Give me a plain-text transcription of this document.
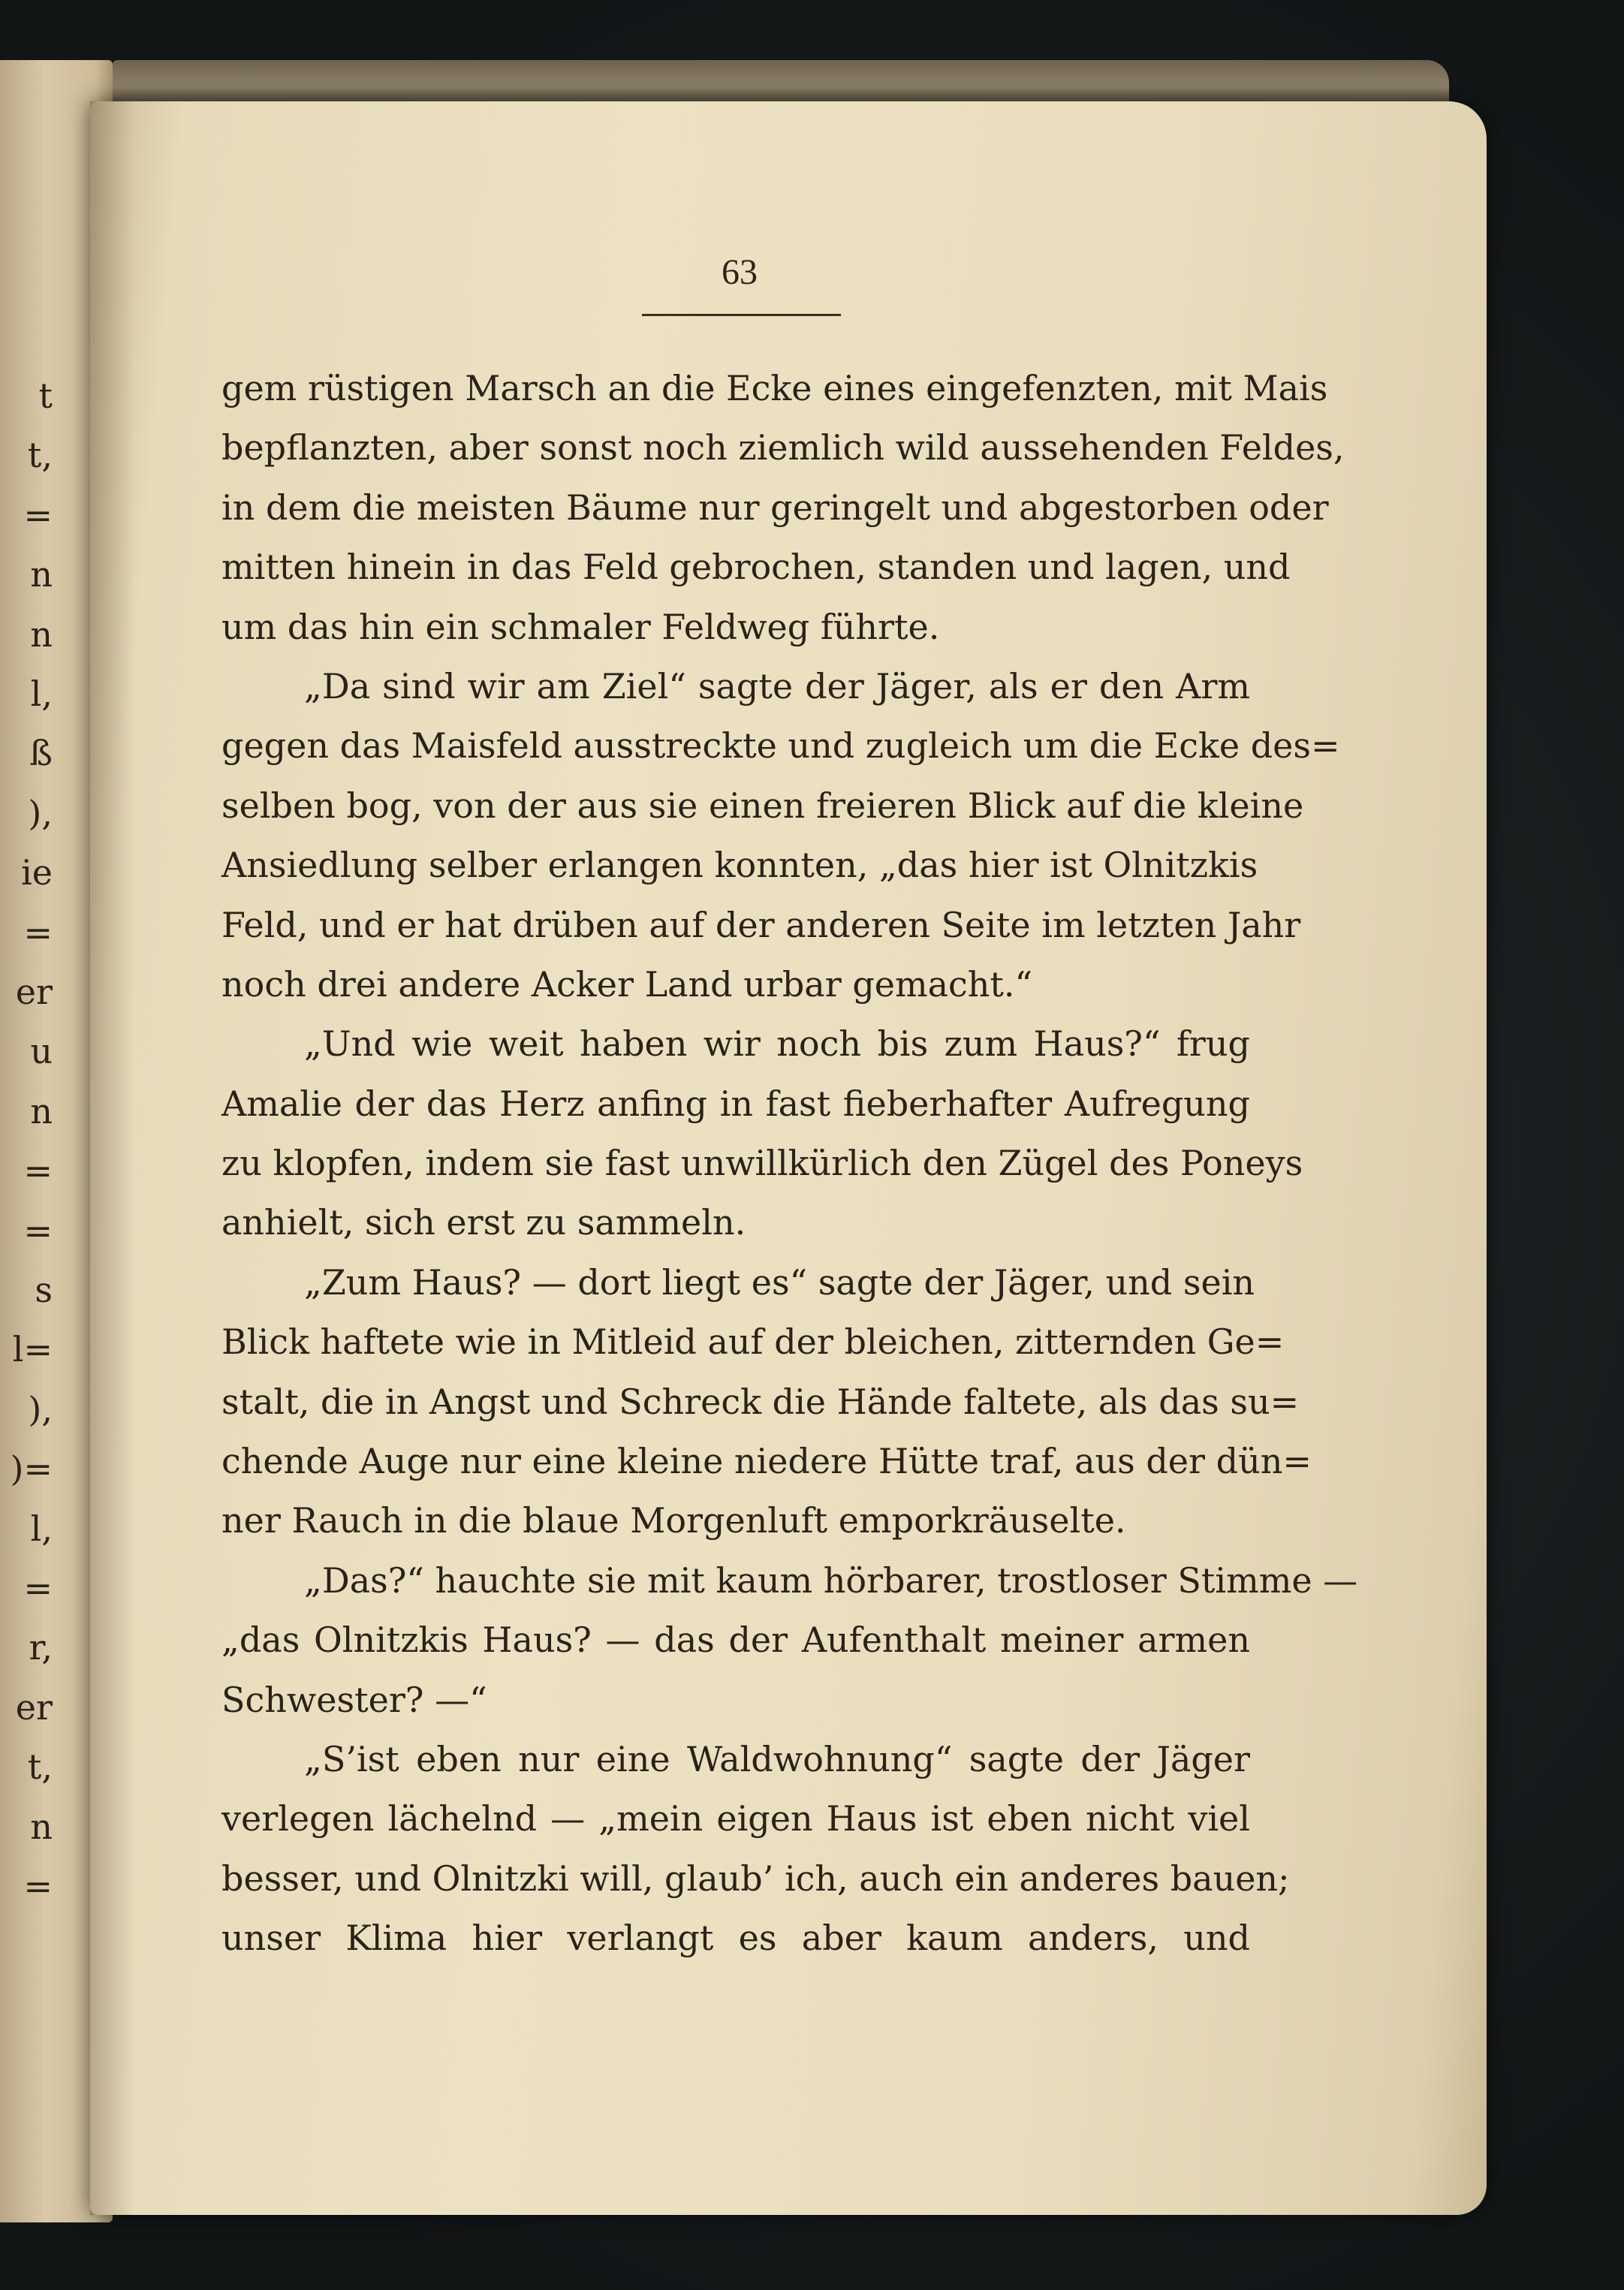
t
t,
=
n
n
l,
ß
),
ie
=
er
u
n
=
=
s
l=
),
)=
l,
=
r,
er
t,
n
=
63
gem rüstigen Marsch an die Ecke eines eingefenzten, mit Mais
bepflanzten, aber sonst noch ziemlich wild aussehenden Feldes,
in dem die meisten Bäume nur geringelt und abgestorben oder
mitten hinein in das Feld gebrochen, standen und lagen, und
um das hin ein schmaler Feldweg führte.
„Da sind wir am Ziel“ sagte der Jäger, als er den Arm
gegen das Maisfeld ausstreckte und zugleich um die Ecke des=
selben bog, von der aus sie einen freieren Blick auf die kleine
Ansiedlung selber erlangen konnten, „das hier ist Olnitzkis
Feld, und er hat drüben auf der anderen Seite im letzten Jahr
noch drei andere Acker Land urbar gemacht.“
„Und wie weit haben wir noch bis zum Haus?“ frug
Amalie der das Herz anfing in fast fieberhafter Aufregung
zu klopfen, indem sie fast unwillkürlich den Zügel des Poneys
anhielt, sich erst zu sammeln.
„Zum Haus? — dort liegt es“ sagte der Jäger, und sein
Blick haftete wie in Mitleid auf der bleichen, zitternden Ge=
stalt, die in Angst und Schreck die Hände faltete, als das su=
chende Auge nur eine kleine niedere Hütte traf, aus der dün=
ner Rauch in die blaue Morgenluft emporkräuselte.
„Das?“ hauchte sie mit kaum hörbarer, trostloser Stimme —
„das Olnitzkis Haus? — das der Aufenthalt meiner armen
Schwester? —“
„S’ist eben nur eine Waldwohnung“ sagte der Jäger
verlegen lächelnd — „mein eigen Haus ist eben nicht viel
besser, und Olnitzki will, glaub’ ich, auch ein anderes bauen;
unser Klima hier verlangt es aber kaum anders, und
